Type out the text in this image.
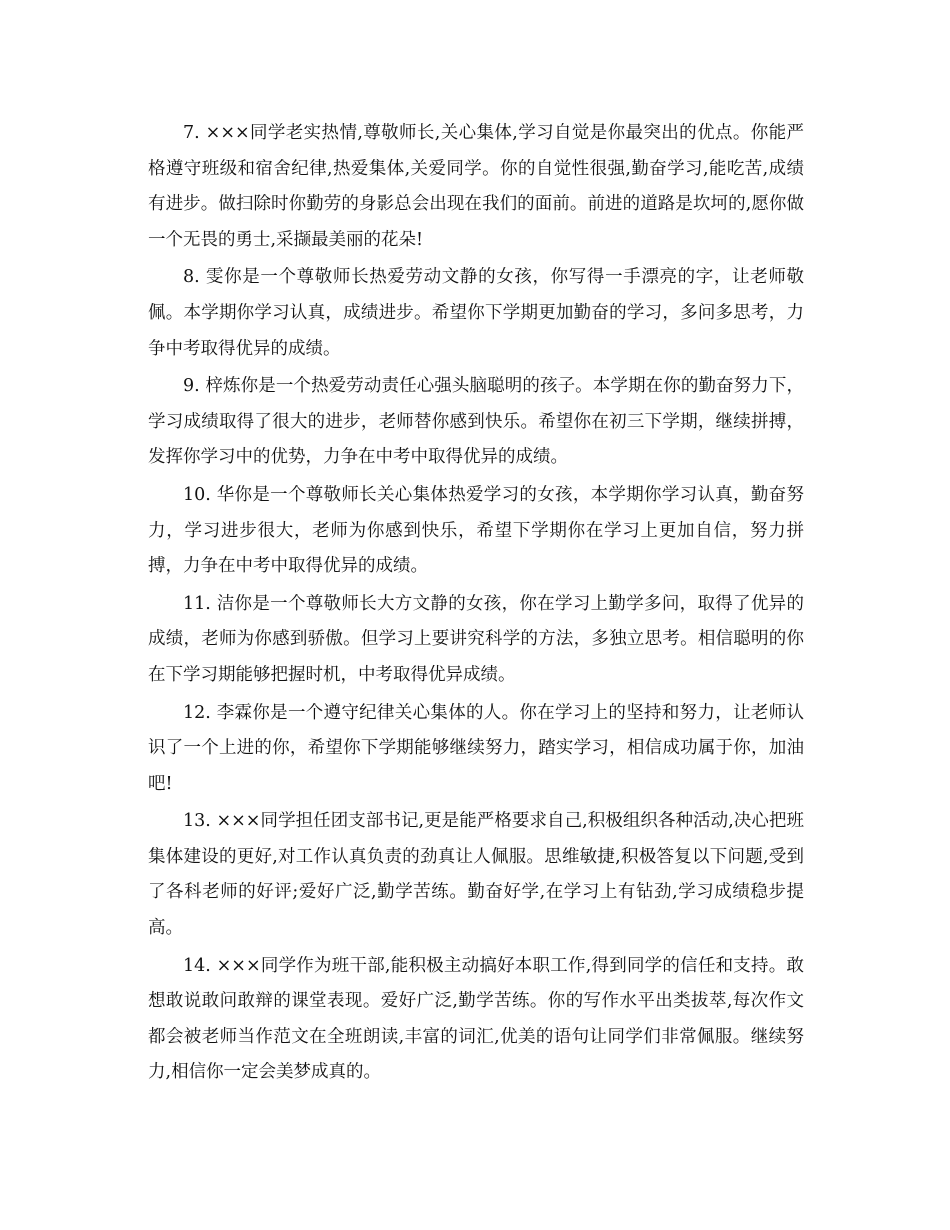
7. ×××同学老实热情,尊敬师长,关心集体,学习自觉是你最突出的优点。你能严格遵守班级和宿舍纪律,热爱集体,关爱同学。你的自觉性很强,勤奋学习,能吃苦,成绩有进步。做扫除时你勤劳的身影总会出现在我们的面前。前进的道路是坎坷的,愿你做一个无畏的勇士,采撷最美丽的花朵!

8. 雯你是一个尊敬师长热爱劳动文静的女孩，你写得一手漂亮的字，让老师敬佩。本学期你学习认真，成绩进步。希望你下学期更加勤奋的学习，多问多思考，力争中考取得优异的成绩。

9. 梓炼你是一个热爱劳动责任心强头脑聪明的孩子。本学期在你的勤奋努力下，学习成绩取得了很大的进步，老师替你感到快乐。希望你在初三下学期，继续拼搏，发挥你学习中的优势，力争在中考中取得优异的成绩。

10. 华你是一个尊敬师长关心集体热爱学习的女孩，本学期你学习认真，勤奋努力，学习进步很大，老师为你感到快乐，希望下学期你在学习上更加自信，努力拼搏，力争在中考中取得优异的成绩。

11. 洁你是一个尊敬师长大方文静的女孩，你在学习上勤学多问，取得了优异的成绩，老师为你感到骄傲。但学习上要讲究科学的方法，多独立思考。相信聪明的你在下学习期能够把握时机，中考取得优异成绩。

12. 李霖你是一个遵守纪律关心集体的人。你在学习上的坚持和努力，让老师认识了一个上进的你，希望你下学期能够继续努力，踏实学习，相信成功属于你，加油吧!

13. ×××同学担任团支部书记,更是能严格要求自己,积极组织各种活动,决心把班集体建设的更好,对工作认真负责的劲真让人佩服。思维敏捷,积极答复以下问题,受到了各科老师的好评;爱好广泛,勤学苦练。勤奋好学,在学习上有钻劲,学习成绩稳步提高。

14. ×××同学作为班干部,能积极主动搞好本职工作,得到同学的信任和支持。敢想敢说敢问敢辩的课堂表现。爱好广泛,勤学苦练。你的写作水平出类拔萃,每次作文都会被老师当作范文在全班朗读,丰富的词汇,优美的语句让同学们非常佩服。继续努力,相信你一定会美梦成真的。
